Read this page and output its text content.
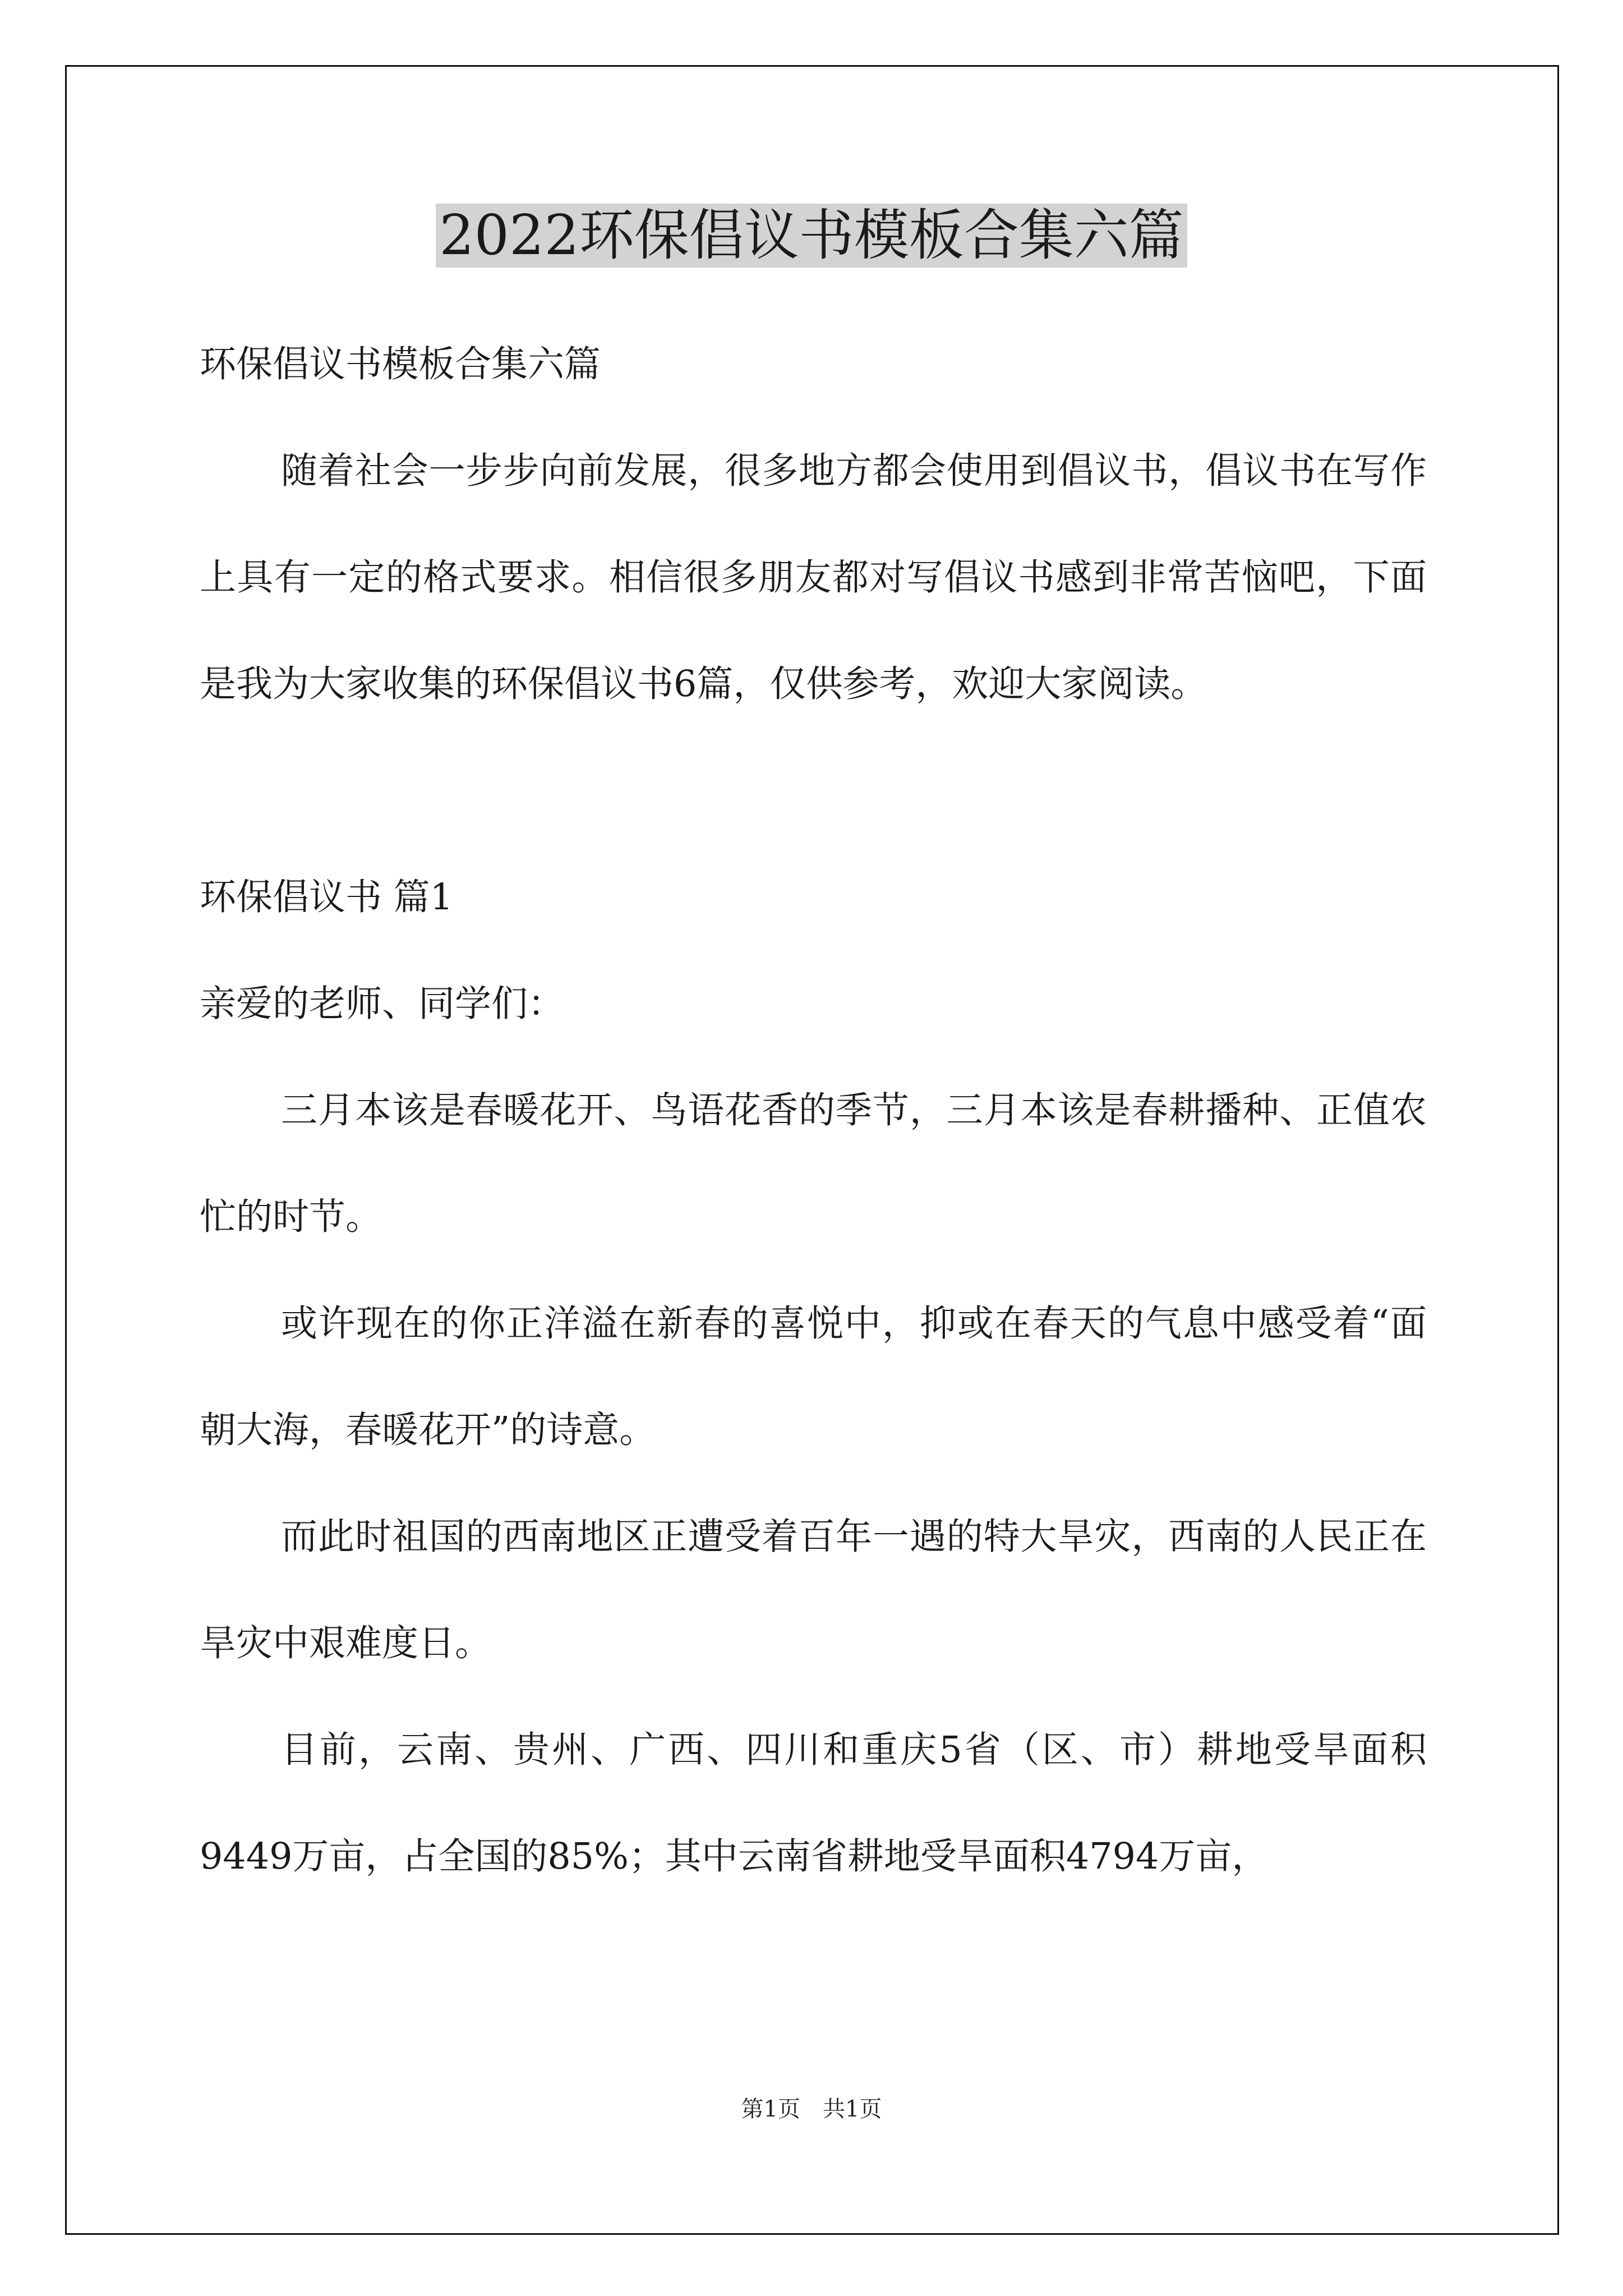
2022环保倡议书模板合集六篇

环保倡议书模板合集六篇

随着社会一步步向前发展，很多地方都会使用到倡议书，倡议书在写作上具有一定的格式要求。相信很多朋友都对写倡议书感到非常苦恼吧，下面是我为大家收集的环保倡议书6篇，仅供参考，欢迎大家阅读。

环保倡议书 篇1

亲爱的老师、同学们：

三月本该是春暖花开、鸟语花香的季节，三月本该是春耕播种、正值农忙的时节。

或许现在的你正洋溢在新春的喜悦中，抑或在春天的气息中感受着“面朝大海，春暖花开”的诗意。

而此时祖国的西南地区正遭受着百年一遇的特大旱灾，西南的人民正在旱灾中艰难度日。

目前，云南、贵州、广西、四川和重庆5省（区、市）耕地受旱面积9449万亩，占全国的85%；其中云南省耕地受旱面积4794万亩，

第1页　共1页
